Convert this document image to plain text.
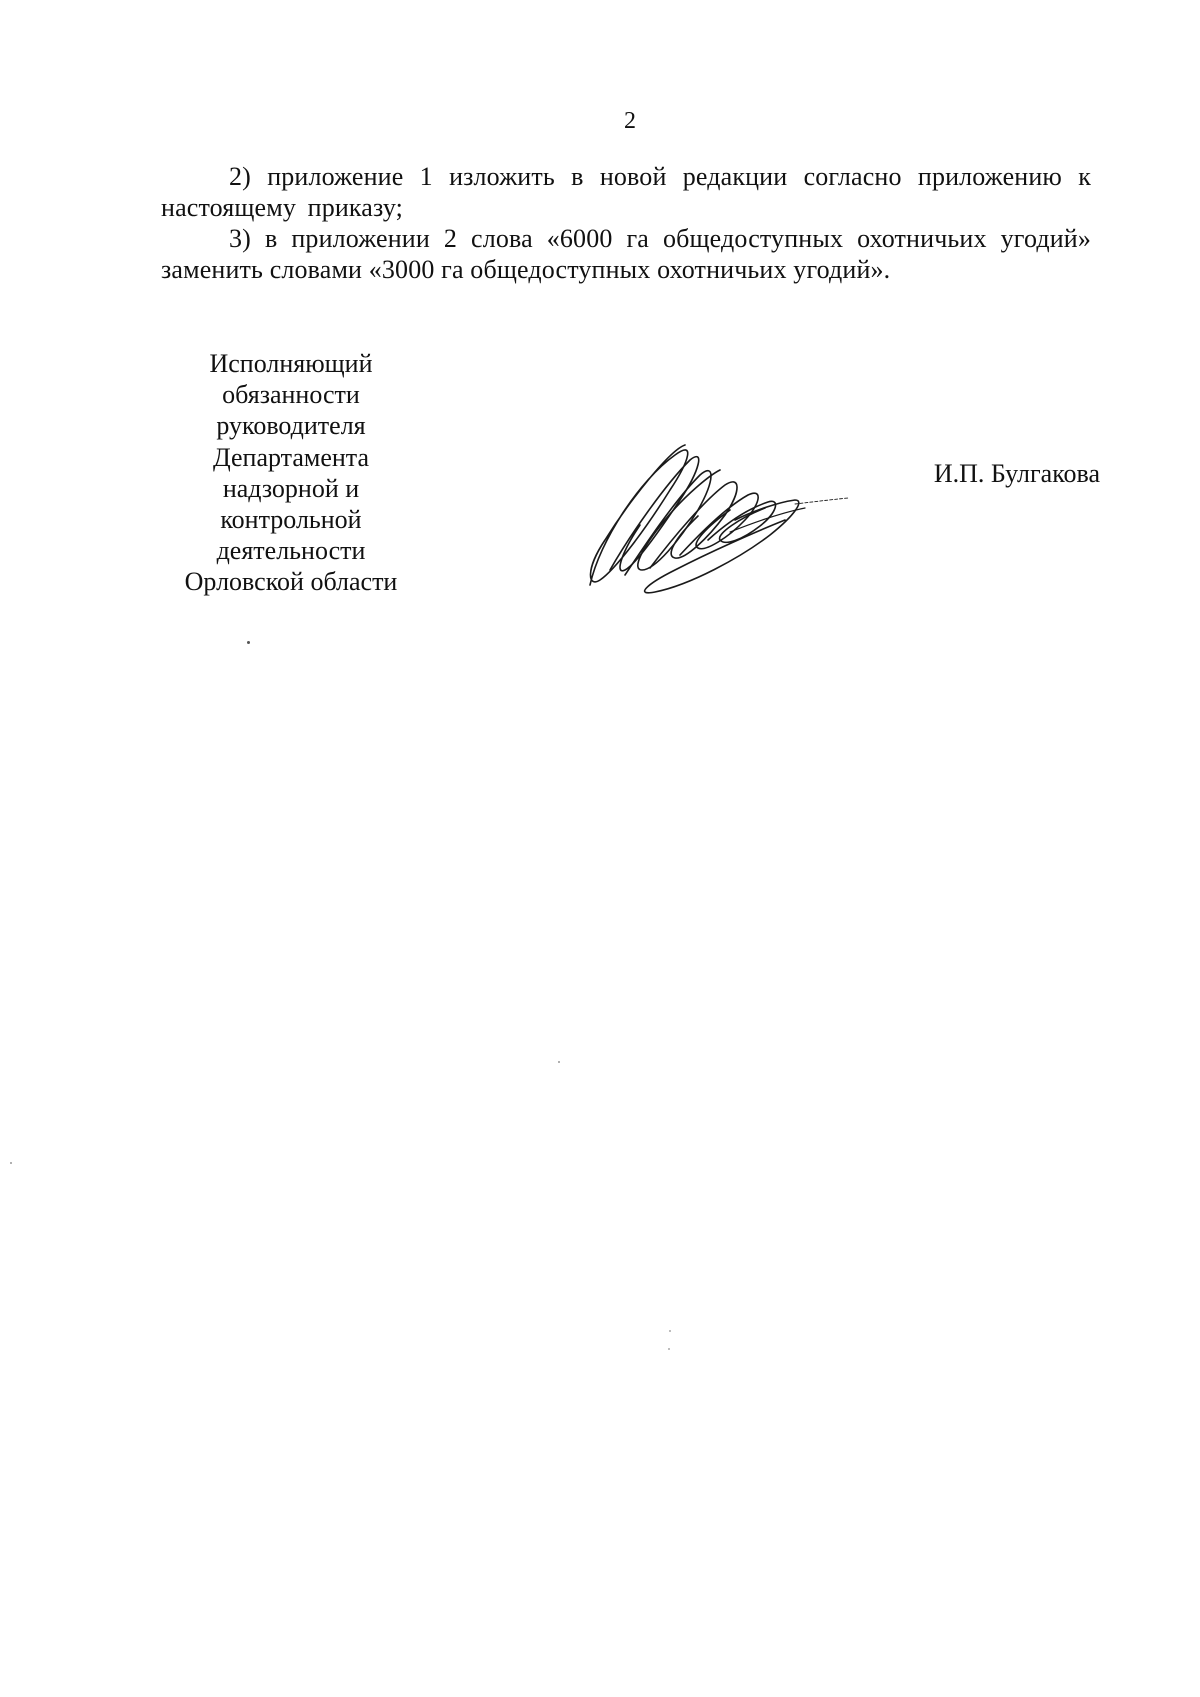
2

2) приложение 1 изложить в новой редакции согласно приложению к настоящему приказу;

3) в приложении 2 слова «6000 га общедоступных охотничьих угодий» заменить словами «3000 га общедоступных охотничьих угодий».

Исполняющий
обязанности
руководителя
Департамента
надзорной и
контрольной
деятельности
Орловской области
И.П. Булгакова
